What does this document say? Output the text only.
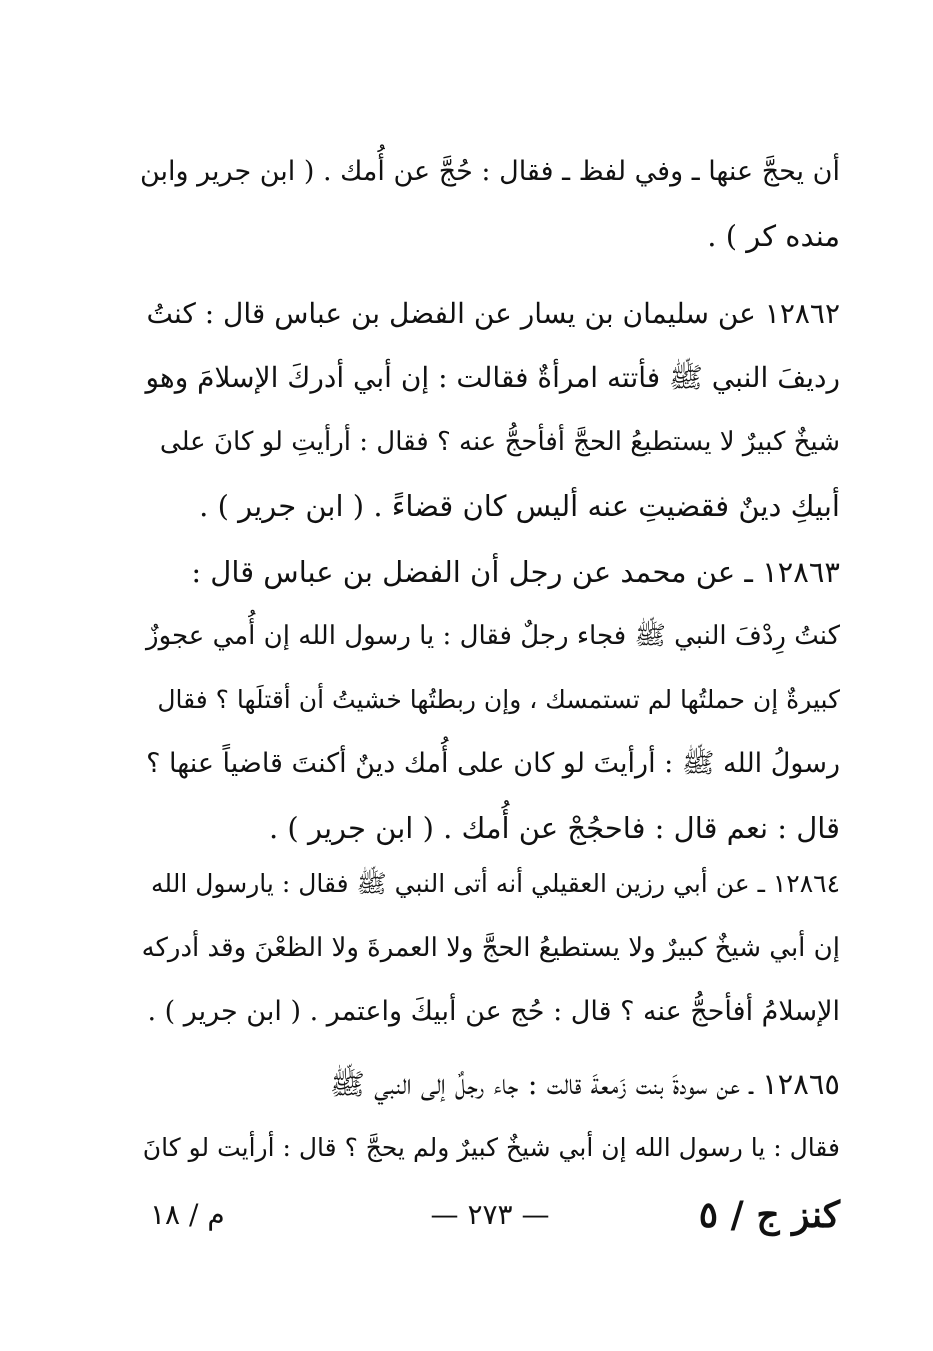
أن يحجَّ عنها ـ وفي لفظ ـ فقال : حُجَّ عن أُمك . ( ابن جرير وابن
منده كر ) .
١٢٨٦٢ عن سليمان بن يسار عن الفضل بن عباس قال : كنتُ
رديفَ النبي ﷺ فأتته امرأةٌ فقالت : إن أبي أدركَ الإسلامَ وهو
شيخٌ كبيرٌ لا يستطيعُ الحجَّ أفأحجُّ عنه ؟ فقال : أرأيتِ لو كانَ على
أبيكِ دينٌ فقضيتِ عنه أليس كان قضاءً . ( ابن جرير ) .
١٢٨٦٣ ـ عن محمد عن رجل أن الفضل بن عباس قال :
كنتُ رِدْفَ النبي ﷺ فجاء رجلٌ فقال : يا رسول الله إن أُمي عجوزٌ
كبيرةٌ إن حملتُها لم تستمسك ، وإن ربطتُها خشيتُ أن أقتلَها ؟ فقال
رسولُ الله ﷺ : أرأيتَ لو كان على أُمك دينٌ أكنتَ قاضياً عنها ؟
قال : نعم قال : فاحجُجْ عن أُمك . ( ابن جرير ) .
١٢٨٦٤ ـ عن أبي رزين العقيلي أنه أتى النبي ﷺ فقال : يارسول الله
إن أبي شيخٌ كبيرٌ ولا يستطيعُ الحجَّ ولا العمرةَ ولا الظعْنَ وقد أدركه
الإسلامُ أفأحجُّ عنه ؟ قال : حُج عن أبيكَ واعتمر . ( ابن جرير ) .
١٢٨٦٥ ـ عن سودةَ بنت زَمعةَ قالت : جاء رجلٌ إلى النبي ﷺ
فقال : يا رسول الله إن أبي شيخٌ كبيرٌ ولم يحجَّ ؟ قال : أرأيت لو كانَ
م / ١٨	— ٢٧٣ —	كنز ج / ٥
